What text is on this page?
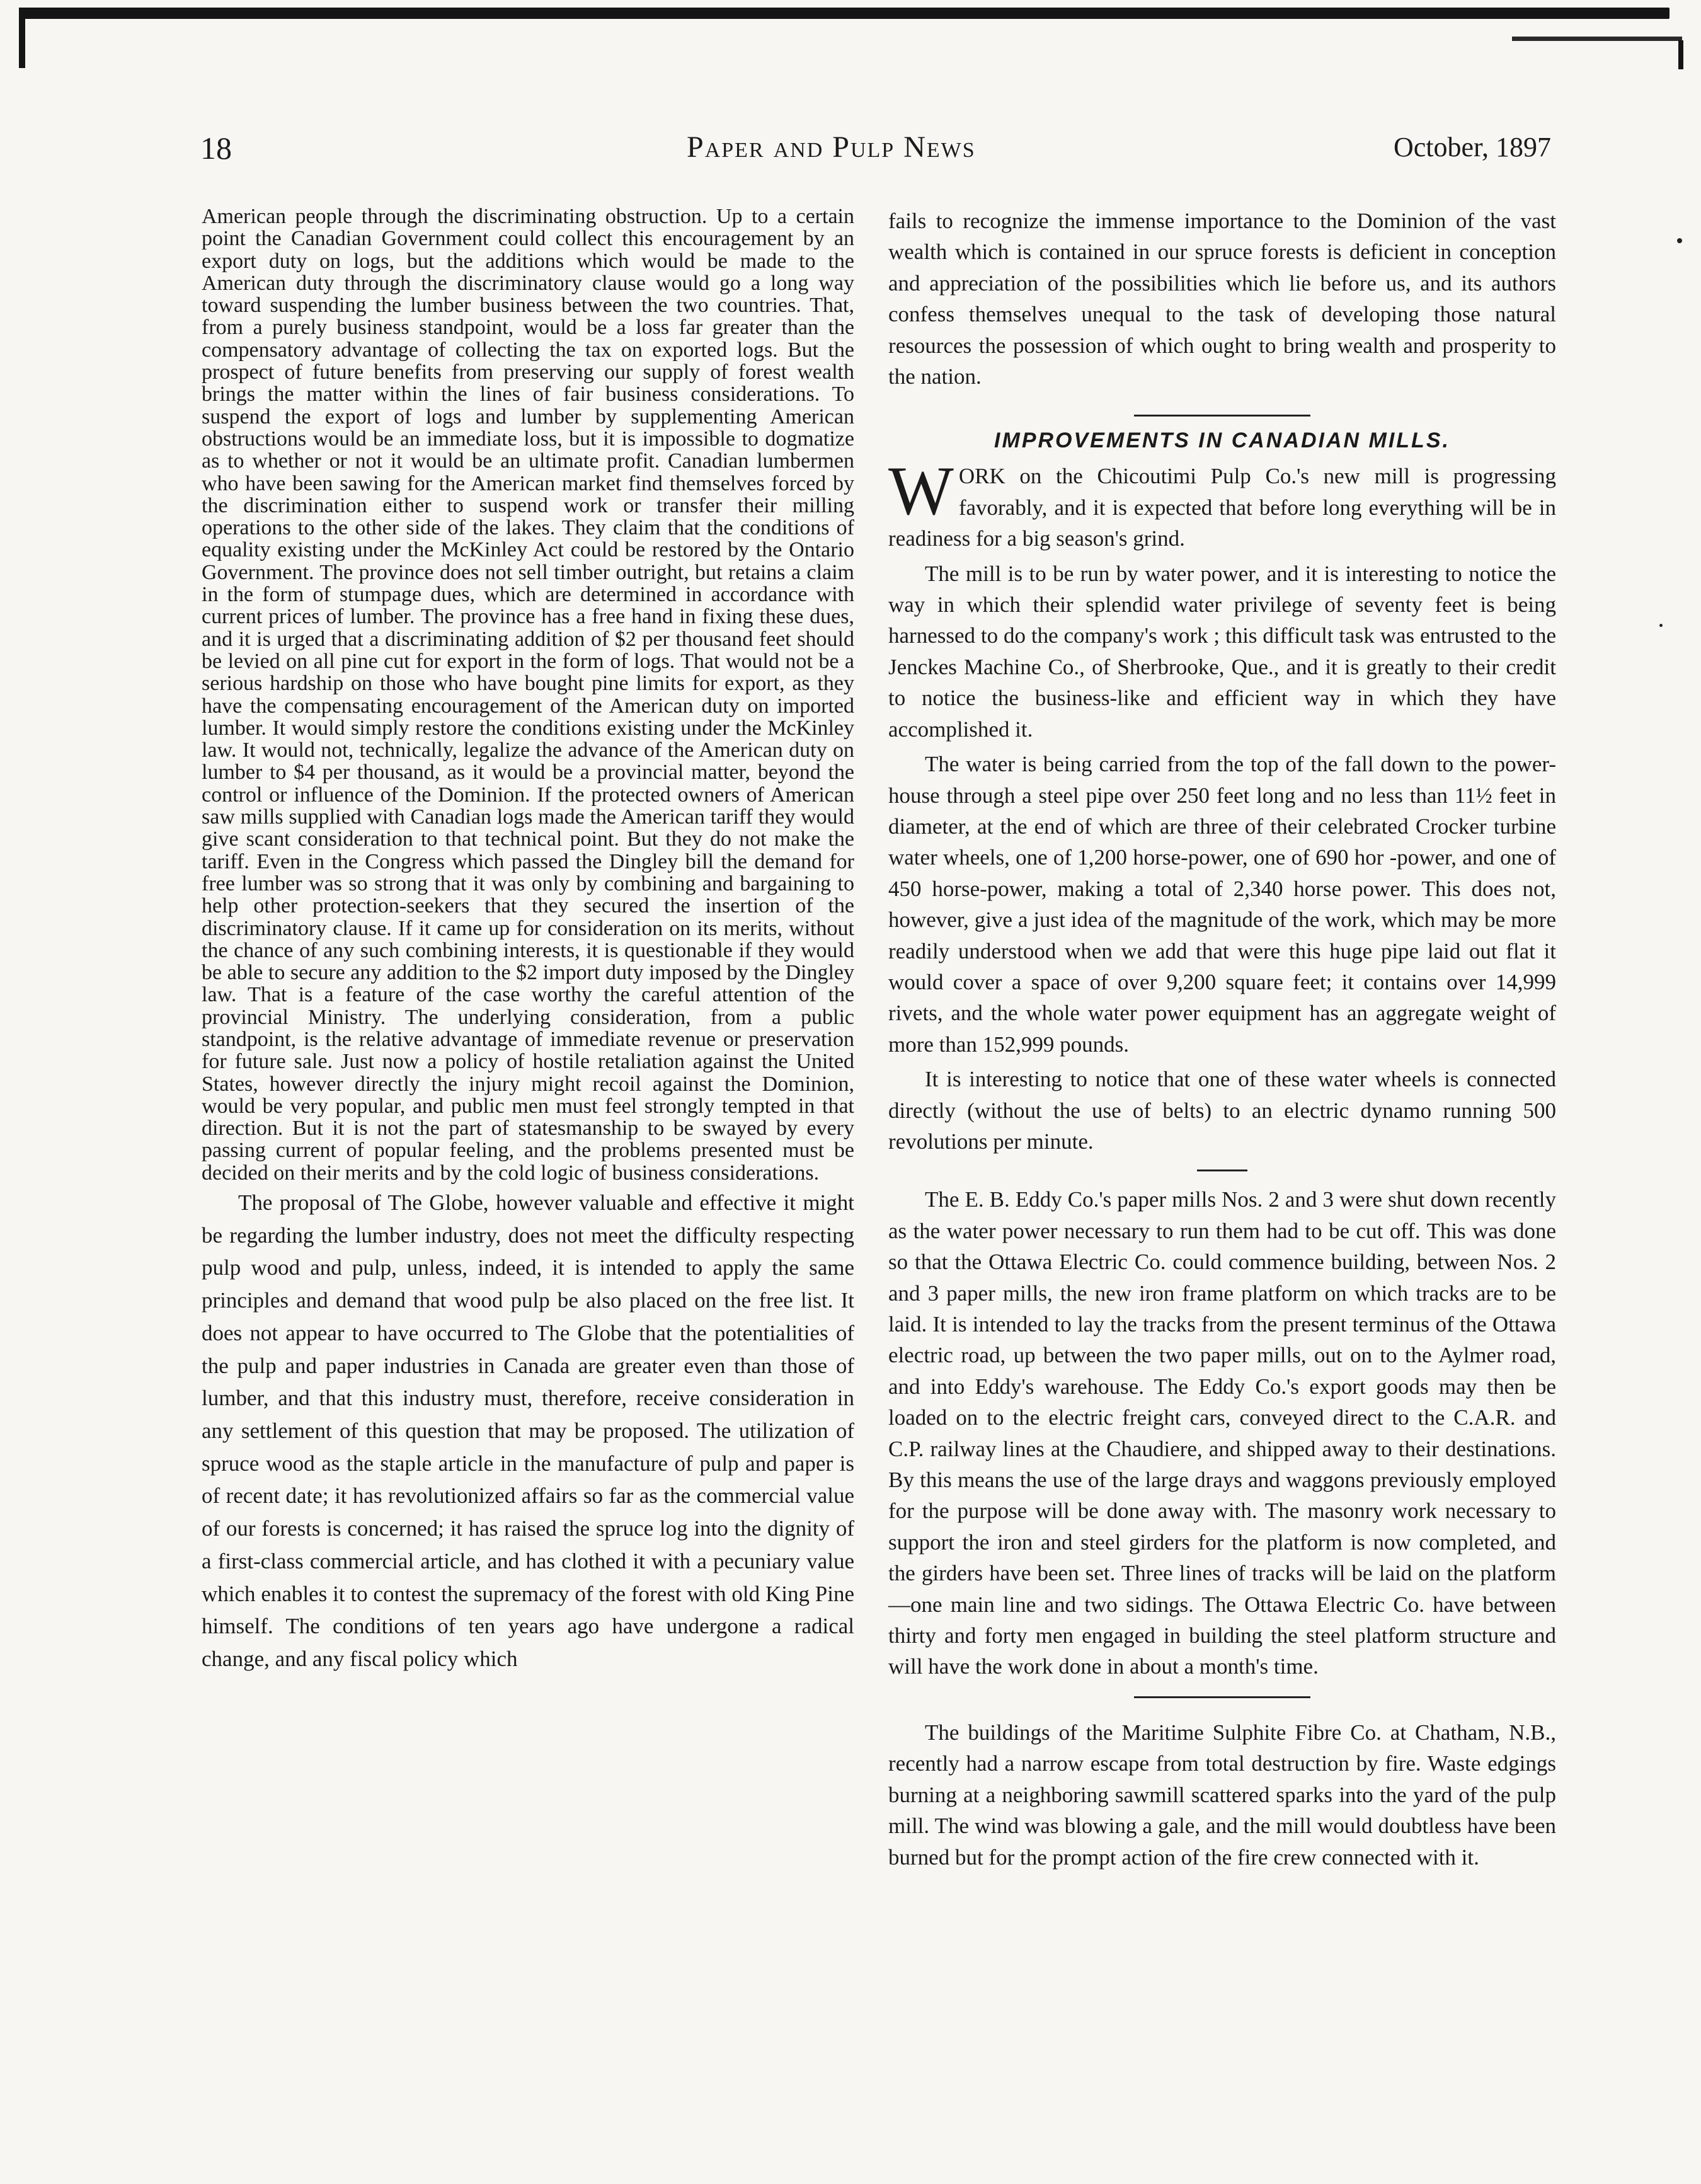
18	Paper and Pulp News	October, 1897

American people through the discriminating obstruction. Up to a certain point the Canadian Government could collect this encouragement by an export duty on logs, but the additions which would be made to the American duty through the discriminatory clause would go a long way toward suspending the lumber business between the two countries. That, from a purely business standpoint, would be a loss far greater than the compensatory advantage of collecting the tax on exported logs. But the prospect of future benefits from preserving our supply of forest wealth brings the matter within the lines of fair business considerations. To suspend the export of logs and lumber by supplementing American obstructions would be an immediate loss, but it is impossible to dogmatize as to whether or not it would be an ultimate profit. Canadian lumbermen who have been sawing for the American market find themselves forced by the discrimination either to suspend work or transfer their milling operations to the other side of the lakes. They claim that the conditions of equality existing under the McKinley Act could be restored by the Ontario Government. The province does not sell timber outright, but retains a claim in the form of stumpage dues, which are determined in accordance with current prices of lumber. The province has a free hand in fixing these dues, and it is urged that a discriminating addition of $2 per thousand feet should be levied on all pine cut for export in the form of logs. That would not be a serious hardship on those who have bought pine limits for export, as they have the compensating encouragement of the American duty on imported lumber. It would simply restore the conditions existing under the McKinley law. It would not, technically, legalize the advance of the American duty on lumber to $4 per thousand, as it would be a provincial matter, beyond the control or influence of the Dominion. If the protected owners of American saw mills supplied with Canadian logs made the American tariff they would give scant consideration to that technical point. But they do not make the tariff. Even in the Congress which passed the Dingley bill the demand for free lumber was so strong that it was only by combining and bargaining to help other protection-seekers that they secured the insertion of the discriminatory clause. If it came up for consideration on its merits, without the chance of any such combining interests, it is questionable if they would be able to secure any addition to the $2 import duty imposed by the Dingley law. That is a feature of the case worthy the careful attention of the provincial Ministry. The underlying consideration, from a public standpoint, is the relative advantage of immediate revenue or preservation for future sale. Just now a policy of hostile retaliation against the United States, however directly the injury might recoil against the Dominion, would be very popular, and public men must feel strongly tempted in that direction. But it is not the part of statesmanship to be swayed by every passing current of popular feeling, and the problems presented must be decided on their merits and by the cold logic of business considerations.

The proposal of The Globe, however valuable and effective it might be regarding the lumber industry, does not meet the difficulty respecting pulp wood and pulp, unless, indeed, it is intended to apply the same principles and demand that wood pulp be also placed on the free list. It does not appear to have occurred to The Globe that the potentialities of the pulp and paper industries in Canada are greater even than those of lumber, and that this industry must, therefore, receive consideration in any settlement of this question that may be proposed. The utilization of spruce wood as the staple article in the manufacture of pulp and paper is of recent date; it has revolutionized affairs so far as the commercial value of our forests is concerned; it has raised the spruce log into the dignity of a first-class commercial article, and has clothed it with a pecuniary value which enables it to contest the supremacy of the forest with old King Pine himself. The conditions of ten years ago have undergone a radical change, and any fiscal policy which

fails to recognize the immense importance to the Dominion of the vast wealth which is contained in our spruce forests is deficient in conception and appreciation of the possibilities which lie before us, and its authors confess themselves unequal to the task of developing those natural resources the possession of which ought to bring wealth and prosperity to the nation.

IMPROVEMENTS IN CANADIAN MILLS.

WORK on the Chicoutimi Pulp Co.'s new mill is progressing favorably, and it is expected that before long everything will be in readiness for a big season's grind.

The mill is to be run by water power, and it is interesting to notice the way in which their splendid water privilege of seventy feet is being harnessed to do the company's work ; this difficult task was entrusted to the Jenckes Machine Co., of Sherbrooke, Que., and it is greatly to their credit to notice the business-like and efficient way in which they have accomplished it.

The water is being carried from the top of the fall down to the power-house through a steel pipe over 250 feet long and no less than 11½ feet in diameter, at the end of which are three of their celebrated Crocker turbine water wheels, one of 1,200 horse-power, one of 690 hor -power, and one of 450 horse-power, making a total of 2,340 horse power. This does not, however, give a just idea of the magnitude of the work, which may be more readily understood when we add that were this huge pipe laid out flat it would cover a space of over 9,200 square feet; it contains over 14,999 rivets, and the whole water power equipment has an aggregate weight of more than 152,999 pounds.

It is interesting to notice that one of these water wheels is connected directly (without the use of belts) to an electric dynamo running 500 revolutions per minute.

The E. B. Eddy Co.'s paper mills Nos. 2 and 3 were shut down recently as the water power necessary to run them had to be cut off. This was done so that the Ottawa Electric Co. could commence building, between Nos. 2 and 3 paper mills, the new iron frame platform on which tracks are to be laid. It is intended to lay the tracks from the present terminus of the Ottawa electric road, up between the two paper mills, out on to the Aylmer road, and into Eddy's warehouse. The Eddy Co.'s export goods may then be loaded on to the electric freight cars, conveyed direct to the C.A.R. and C.P. railway lines at the Chaudiere, and shipped away to their destinations. By this means the use of the large drays and waggons previously employed for the purpose will be done away with. The masonry work necessary to support the iron and steel girders for the platform is now completed, and the girders have been set. Three lines of tracks will be laid on the platform—one main line and two sidings. The Ottawa Electric Co. have between thirty and forty men engaged in building the steel platform structure and will have the work done in about a month's time.

The buildings of the Maritime Sulphite Fibre Co. at Chatham, N.B., recently had a narrow escape from total destruction by fire. Waste edgings burning at a neighboring sawmill scattered sparks into the yard of the pulp mill. The wind was blowing a gale, and the mill would doubtless have been burned but for the prompt action of the fire crew connected with it.
